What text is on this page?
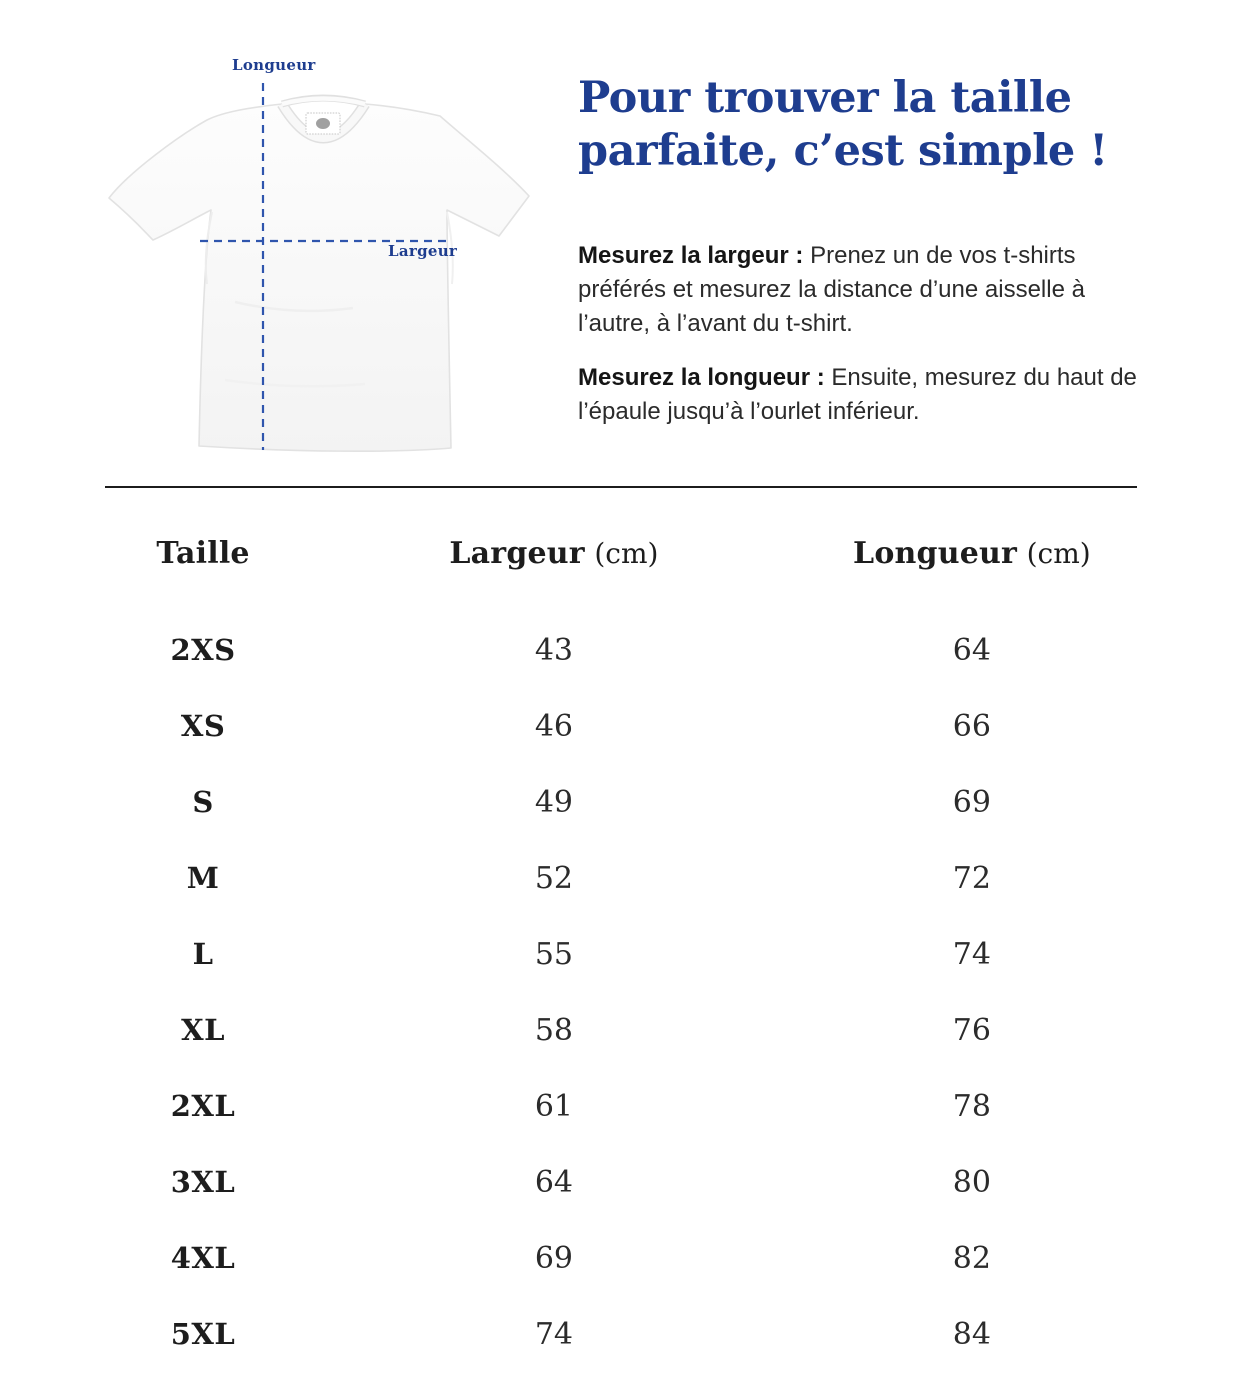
Longueur
Largeur
Pour trouver la taille
parfaite, c’est simple !

Mesurez la largeur : Prenez un de vos t-shirts préférés et mesurez la distance d’une aisselle à l’autre, à l’avant du t-shirt.

Mesurez la longueur : Ensuite, mesurez du haut de l’épaule jusqu’à l’ourlet inférieur.

Taille	Largeur (cm)	Longueur (cm)
2XS	43	64
XS	46	66
S	49	69
M	52	72
L	55	74
XL	58	76
2XL	61	78
3XL	64	80
4XL	69	82
5XL	74	84
